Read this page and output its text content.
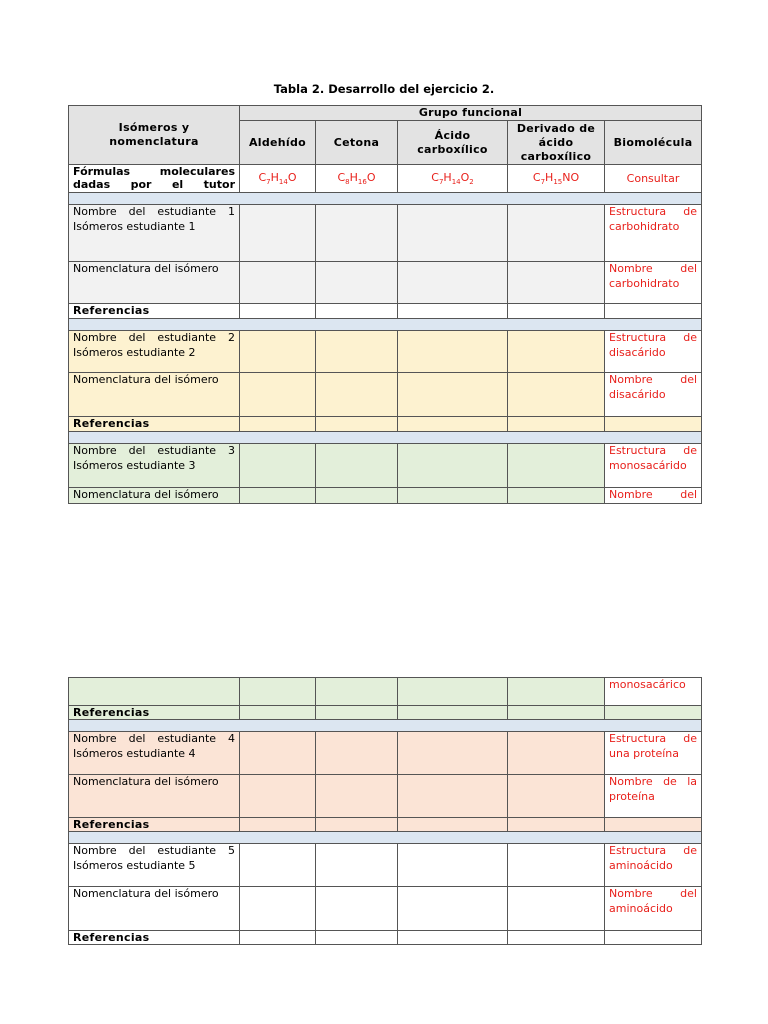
Tabla 2. Desarrollo del ejercicio 2.
Isómeros y nomenclatura	Grupo funcional				
	Aldehído	Cetona	Ácido carboxílico	Derivado de ácido carboxílico	Biomolécula
Fórmulas moleculares dadas por el tutor	$C_7H_{14}O$	$C_8H_{16}O$	$C_7H_{14}O_2$	$C_7H_{15}NO$	Consultar

Nombre del estudiante 1
Isómeros estudiante 1					Estructura de carbohidrato
Nomenclatura del isómero					Nombre del carbohidrato
Referencias					

Nombre del estudiante 2
Isómeros estudiante 2					Estructura de disacárido
Nomenclatura del isómero					Nombre del disacárido
Referencias					

Nombre del estudiante 3
Isómeros estudiante 3					Estructura de monosacárido
Nomenclatura del isómero					Nombre del
					monosacárico
Referencias					

Nombre del estudiante 4
Isómeros estudiante 4					Estructura de una proteína
Nomenclatura del isómero					Nombre de la proteína
Referencias					

Nombre del estudiante 5
Isómeros estudiante 5					Estructura de aminoácido
Nomenclatura del isómero					Nombre del aminoácido
Referencias					
